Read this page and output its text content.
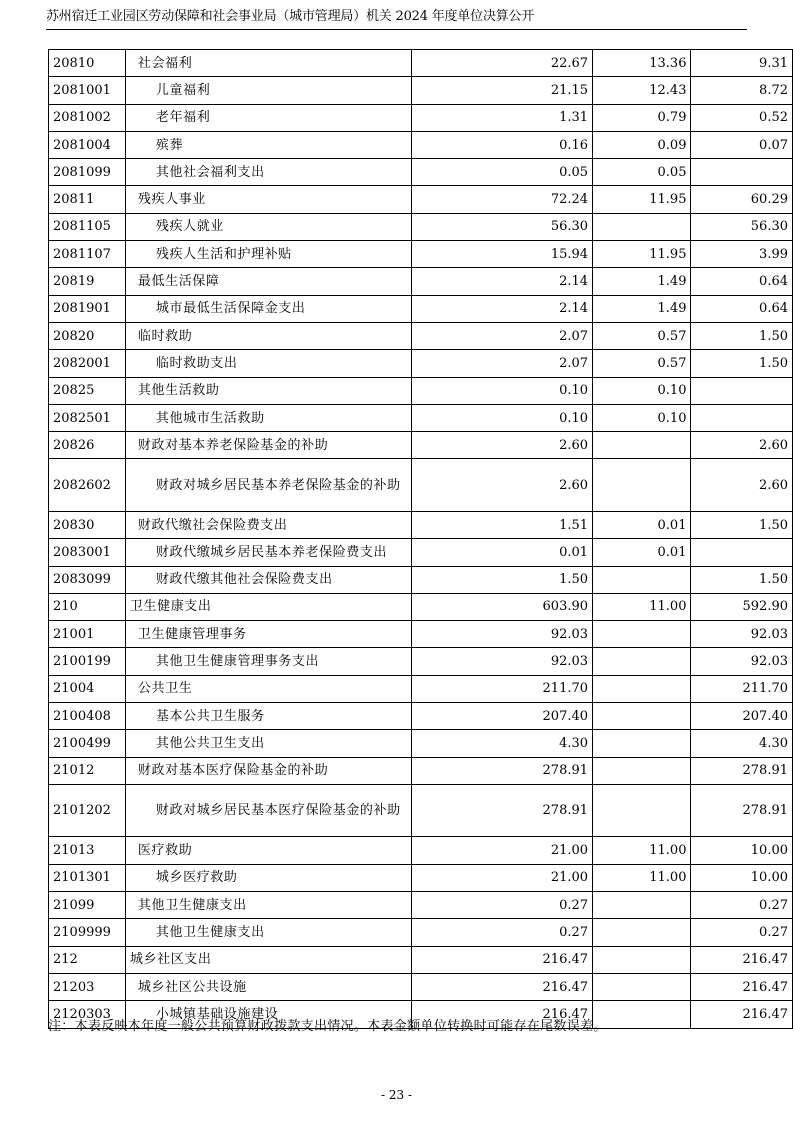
苏州宿迁工业园区劳动保障和社会事业局（城市管理局）机关 2024 年度单位决算公开
20810	社会福利	22.67	13.36	9.31
2081001	儿童福利	21.15	12.43	8.72
2081002	老年福利	1.31	0.79	0.52
2081004	殡葬	0.16	0.09	0.07
2081099	其他社会福利支出	0.05	0.05	
20811	残疾人事业	72.24	11.95	60.29
2081105	残疾人就业	56.30		56.30
2081107	残疾人生活和护理补贴	15.94	11.95	3.99
20819	最低生活保障	2.14	1.49	0.64
2081901	城市最低生活保障金支出	2.14	1.49	0.64
20820	临时救助	2.07	0.57	1.50
2082001	临时救助支出	2.07	0.57	1.50
20825	其他生活救助	0.10	0.10	
2082501	其他城市生活救助	0.10	0.10	
20826	财政对基本养老保险基金的补助	2.60		2.60
2082602	财政对城乡居民基本养老保险基金的补助	2.60		2.60
20830	财政代缴社会保险费支出	1.51	0.01	1.50
2083001	财政代缴城乡居民基本养老保险费支出	0.01	0.01	
2083099	财政代缴其他社会保险费支出	1.50		1.50
210	卫生健康支出	603.90	11.00	592.90
21001	卫生健康管理事务	92.03		92.03
2100199	其他卫生健康管理事务支出	92.03		92.03
21004	公共卫生	211.70		211.70
2100408	基本公共卫生服务	207.40		207.40
2100499	其他公共卫生支出	4.30		4.30
21012	财政对基本医疗保险基金的补助	278.91		278.91
2101202	财政对城乡居民基本医疗保险基金的补助	278.91		278.91
21013	医疗救助	21.00	11.00	10.00
2101301	城乡医疗救助	21.00	11.00	10.00
21099	其他卫生健康支出	0.27		0.27
2109999	其他卫生健康支出	0.27		0.27
212	城乡社区支出	216.47		216.47
21203	城乡社区公共设施	216.47		216.47
2120303	小城镇基础设施建设	216.47		216.47
注：本表反映本年度一般公共预算财政拨款支出情况。本表金额单位转换时可能存在尾数误差。
- 23 -
